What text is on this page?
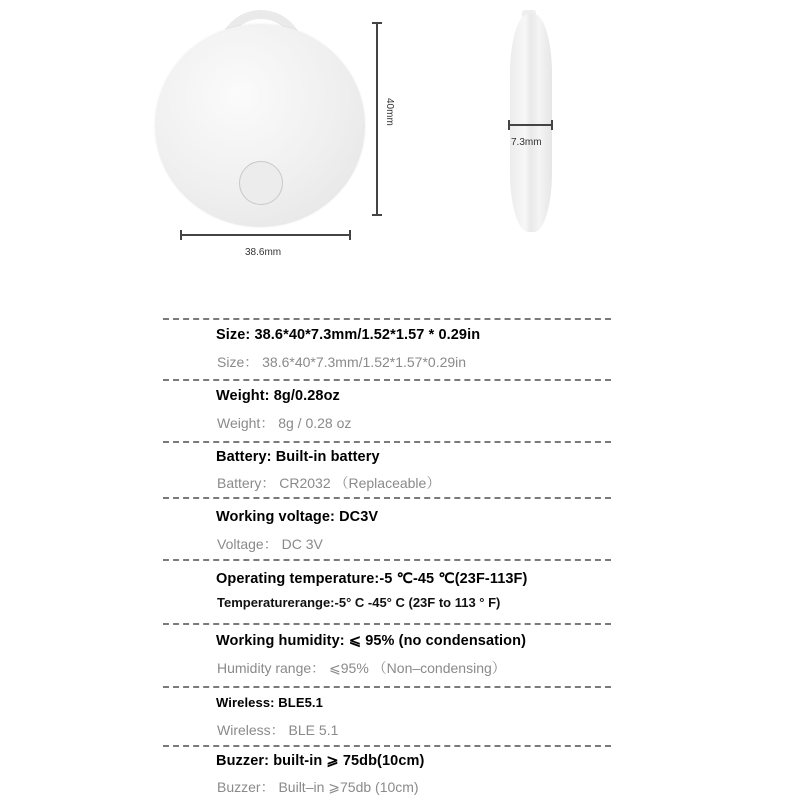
40mm
38.6mm
7.3mm
Size: 38.6*40*7.3mm/1.52*1.57 * 0.29in
Size： 38.6*40*7.3mm/1.52*1.57*0.29in
Weight: 8g/0.28oz
Weight： 8g / 0.28 oz
Battery: Built-in battery
Battery： CR2032 （Replaceable）
Working voltage: DC3V
Voltage： DC 3V
Operating temperature:-5 ℃-45 ℃(23F-113F)
Temperaturerange:-5° C -45° C (23F to 113 ° F)
Working humidity: ⩽ 95% (no condensation)
Humidity range： ⩽95% （Non–condensing）
Wireless: BLE5.1
Wireless： BLE 5.1
Buzzer: built-in ⩾ 75db(10cm)
Buzzer： Built–in ⩾75db (10cm)
